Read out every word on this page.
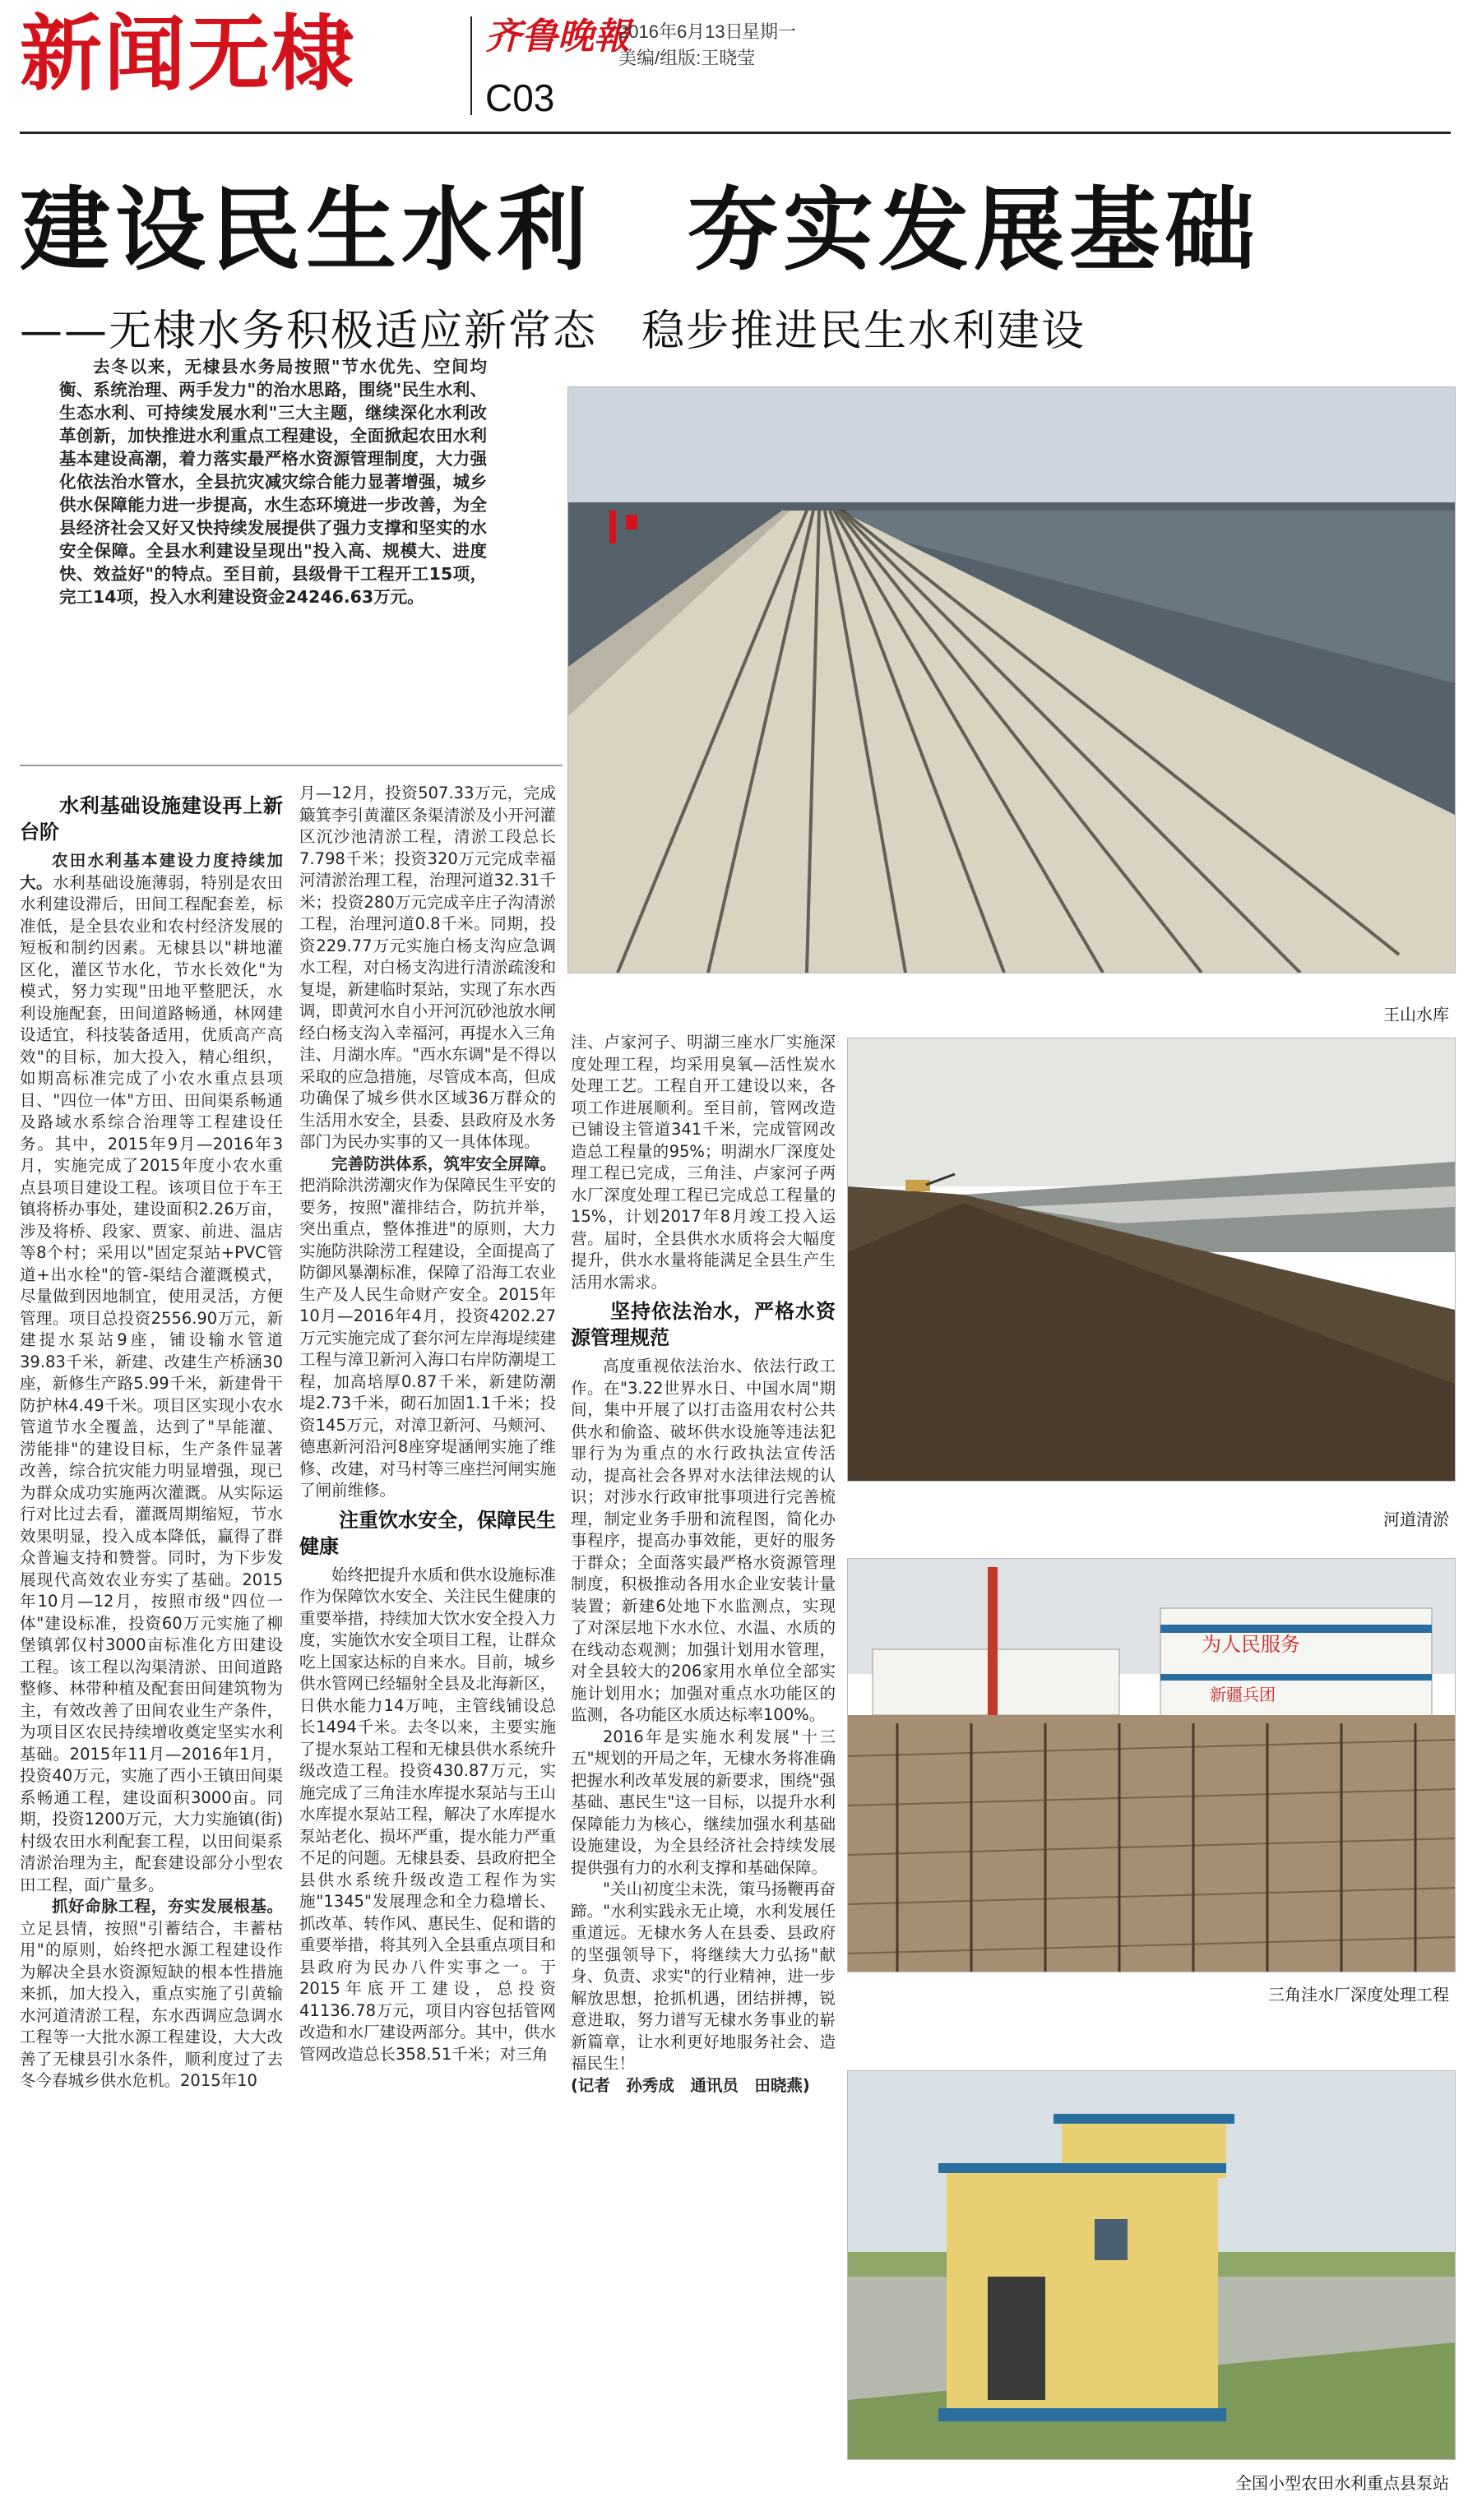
新闻无棣	齐鲁晚報
C03
2016年6月13日
星期一
美编/组版:王晓莹
建设民生水利　夯实发展基础
——无棣水务积极适应新常态　稳步推进民生水利建设

去冬以来，无棣县水务局按照"节水优先、空间均衡、系统治理、两手发力"的治水思路，围绕"民生水利、生态水利、可持续发展水利"三大主题，继续深化水利改革创新，加快推进水利重点工程建设，全面掀起农田水利基本建设高潮，着力落实最严格水资源管理制度，大力强化依法治水管水，全县抗灾减灾综合能力显著增强，城乡供水保障能力进一步提高，水生态环境进一步改善，为全县经济社会又好又快持续发展提供了强力支撑和坚实的水安全保障。全县水利建设呈现出"投入高、规模大、进度快、效益好"的特点。至目前，县级骨干工程开工15项，完工14项，投入水利建设资金24246.63万元。

水利基础设施建设再上新台阶

农田水利基本建设力度持续加大。水利基础设施薄弱，特别是农田水利建设滞后，田间工程配套差，标准低，是全县农业和农村经济发展的短板和制约因素。无棣县以"耕地灌区化，灌区节水化，节水长效化"为模式，努力实现"田地平整肥沃，水利设施配套，田间道路畅通，林网建设适宜，科技装备适用，优质高产高效"的目标，加大投入，精心组织，如期高标准完成了小农水重点县项目、"四位一体"方田、田间渠系畅通及路域水系综合治理等工程建设任务。其中，2015年9月—2016年3月，实施完成了2015年度小农水重点县项目建设工程。该项目位于车王镇将桥办事处，建设面积2.26万亩，涉及将桥、段家、贾家、前进、温店等8个村；采用以"固定泵站+PVC管道+出水栓"的管-渠结合灌溉模式，尽量做到因地制宜，使用灵活，方便管理。项目总投资2556.90万元，新建提水泵站9座，铺设输水管道39.83千米，新建、改建生产桥涵30座，新修生产路5.99千米，新建骨干防护林4.49千米。项目区实现小农水管道节水全覆盖，达到了"旱能灌、涝能排"的建设目标，生产条件显著改善，综合抗灾能力明显增强，现已为群众成功实施两次灌溉。从实际运行对比过去看，灌溉周期缩短，节水效果明显，投入成本降低，赢得了群众普遍支持和赞誉。同时，为下步发展现代高效农业夯实了基础。2015年10月—12月，按照市级"四位一体"建设标准，投资60万元实施了柳堡镇郭仅村3000亩标准化方田建设工程。该工程以沟渠清淤、田间道路整修、林带种植及配套田间建筑物为主，有效改善了田间农业生产条件，为项目区农民持续增收奠定坚实水利基础。2015年11月—2016年1月，投资40万元，实施了西小王镇田间渠系畅通工程，建设面积3000亩。同期，投资1200万元，大力实施镇(街)村级农田水利配套工程，以田间渠系清淤治理为主，配套建设部分小型农田工程，面广量多。

抓好命脉工程，夯实发展根基。立足县情，按照"引蓄结合，丰蓄枯用"的原则，始终把水源工程建设作为解决全县水资源短缺的根本性措施来抓，加大投入，重点实施了引黄输水河道清淤工程，东水西调应急调水工程等一大批水源工程建设，大大改善了无棣县引水条件，顺利度过了去冬今春城乡供水危机。2015年10

月—12月，投资507.33万元，完成簸箕李引黄灌区条渠清淤及小开河灌区沉沙池清淤工程，清淤工段总长7.798千米；投资320万元完成幸福河清淤治理工程，治理河道32.31千米；投资280万元完成辛庄子沟清淤工程，治理河道0.8千米。同期，投资229.77万元实施白杨支沟应急调水工程，对白杨支沟进行清淤疏浚和复堤，新建临时泵站，实现了东水西调，即黄河水自小开河沉砂池放水闸经白杨支沟入幸福河，再提水入三角洼、月湖水库。"西水东调"是不得以采取的应急措施，尽管成本高，但成功确保了城乡供水区域36万群众的生活用水安全，县委、县政府及水务部门为民办实事的又一具体体现。

完善防洪体系，筑牢安全屏障。把消除洪涝潮灾作为保障民生平安的要务，按照"灌排结合，防抗并举，突出重点，整体推进"的原则，大力实施防洪除涝工程建设，全面提高了防御风暴潮标准，保障了沿海工农业生产及人民生命财产安全。2015年10月—2016年4月，投资4202.27万元实施完成了套尔河左岸海堤续建工程与漳卫新河入海口右岸防潮堤工程，加高培厚0.87千米，新建防潮堤2.73千米，砌石加固1.1千米；投资145万元，对漳卫新河、马颊河、德惠新河沿河8座穿堤涵闸实施了维修、改建，对马村等三座拦河闸实施了闸前维修。

注重饮水安全，保障民生健康

始终把提升水质和供水设施标准作为保障饮水安全、关注民生健康的重要举措，持续加大饮水安全投入力度，实施饮水安全项目工程，让群众吃上国家达标的自来水。目前，城乡供水管网已经辐射全县及北海新区，日供水能力14万吨，主管线铺设总长1494千米。去冬以来，主要实施了提水泵站工程和无棣县供水系统升级改造工程。投资430.87万元，实施完成了三角洼水库提水泵站与王山水库提水泵站工程，解决了水库提水泵站老化、损坏严重，提水能力严重不足的问题。无棣县委、县政府把全县供水系统升级改造工程作为实施"1345"发展理念和全力稳增长、抓改革、转作风、惠民生、促和谐的重要举措，将其列入全县重点项目和县政府为民办八件实事之一。于2015年底开工建设，总投资41136.78万元，项目内容包括管网改造和水厂建设两部分。其中，供水管网改造总长358.51千米；对三角

洼、卢家河子、明湖三座水厂实施深度处理工程，均采用臭氧—活性炭水处理工艺。工程自开工建设以来，各项工作进展顺利。至目前，管网改造已铺设主管道341千米，完成管网改造总工程量的95%；明湖水厂深度处理工程已完成，三角洼、卢家河子两水厂深度处理工程已完成总工程量的15%，计划2017年8月竣工投入运营。届时，全县供水水质将会大幅度提升，供水水量将能满足全县生产生活用水需求。

坚持依法治水，严格水资源管理规范

高度重视依法治水、依法行政工作。在"3.22世界水日、中国水周"期间，集中开展了以打击盗用农村公共供水和偷盗、破坏供水设施等违法犯罪行为为重点的水行政执法宣传活动，提高社会各界对水法律法规的认识；对涉水行政审批事项进行完善梳理，制定业务手册和流程图，简化办事程序，提高办事效能，更好的服务于群众；全面落实最严格水资源管理制度，积极推动各用水企业安装计量装置；新建6处地下水监测点，实现了对深层地下水水位、水温、水质的在线动态观测；加强计划用水管理，对全县较大的206家用水单位全部实施计划用水；加强对重点水功能区的监测，各功能区水质达标率100%。

2016年是实施水利发展"十三五"规划的开局之年，无棣水务将准确把握水利改革发展的新要求，围绕"强基础、惠民生"这一目标，以提升水利保障能力为核心，继续加强水利基础设施建设，为全县经济社会持续发展提供强有力的水利支撑和基础保障。

"关山初度尘未洗，策马扬鞭再奋蹄。"水利实践永无止境，水利发展任重道远。无棣水务人在县委、县政府的坚强领导下，将继续大力弘扬"献身、负责、求实"的行业精神，进一步解放思想，抢抓机遇，团结拼搏，锐意进取，努力谱写无棣水务事业的崭新篇章，让水利更好地服务社会、造福民生！

(记者　孙秀成　通讯员　田晓燕)

王山水库
河道清淤
为人民服务
新疆兵团
三角洼水厂深度处理工程
全国小型农田水利重点县泵站
